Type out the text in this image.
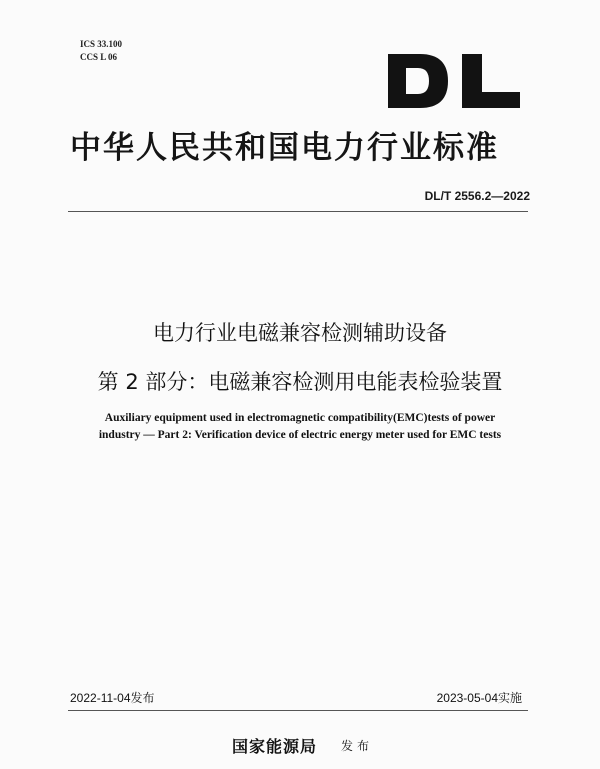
ICS 33.100
CCS L 06
中华人民共和国电力行业标准
DL/T 2556.2—2022
电力行业电磁兼容检测辅助设备
第 2 部分：电磁兼容检测用电能表检验装置
Auxiliary equipment used in electromagnetic compatibility(EMC)tests of power
industry — Part 2: Verification device of electric energy meter used for EMC tests
2022-11-04发布	2023-05-04实施
国家能源局 发布
